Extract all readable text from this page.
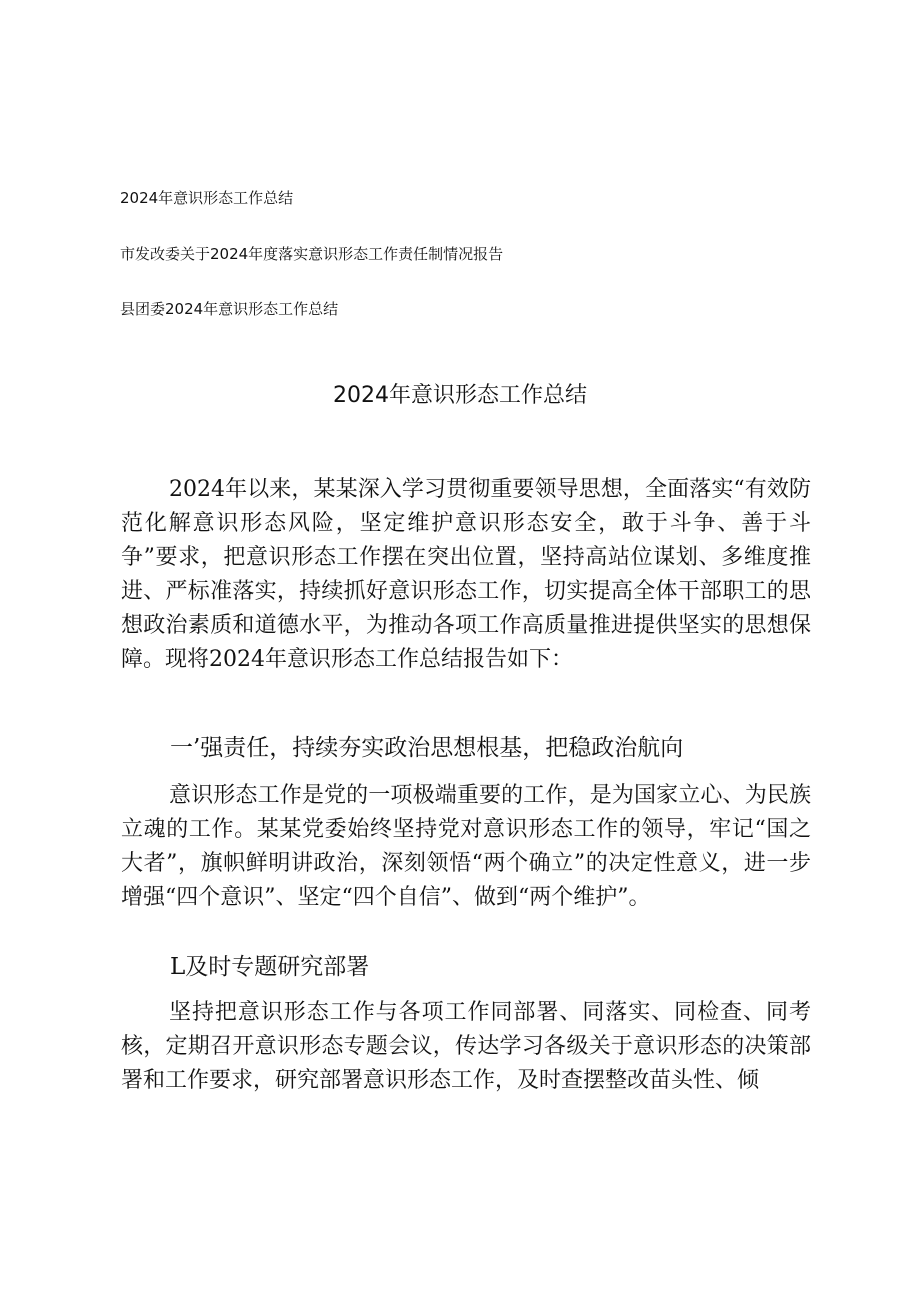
2024年意识形态工作总结
市发改委关于2024年度落实意识形态工作责任制情况报告
县团委2024年意识形态工作总结
2024年意识形态工作总结

2024年以来，某某深入学习贯彻重要领导思想，全面落实“有效防范化解意识形态风险，坚定维护意识形态安全，敢于斗争、善于斗争”要求，把意识形态工作摆在突出位置，坚持高站位谋划、多维度推进、严标准落实，持续抓好意识形态工作，切实提高全体干部职工的思想政治素质和道德水平，为推动各项工作高质量推进提供坚实的思想保障。现将2024年意识形态工作总结报告如下：

一’强责任，持续夯实政治思想根基，把稳政治航向

意识形态工作是党的一项极端重要的工作，是为国家立心、为民族立魂的工作。某某党委始终坚持党对意识形态工作的领导，牢记“国之大者”，旗帜鲜明讲政治，深刻领悟“两个确立”的决定性意义，进一步增强“四个意识”、坚定“四个自信”、做到“两个维护”。

L及时专题研究部署

坚持把意识形态工作与各项工作同部署、同落实、同检查、同考核，定期召开意识形态专题会议，传达学习各级关于意识形态的决策部署和工作要求，研究部署意识形态工作，及时查摆整改苗头性、倾
